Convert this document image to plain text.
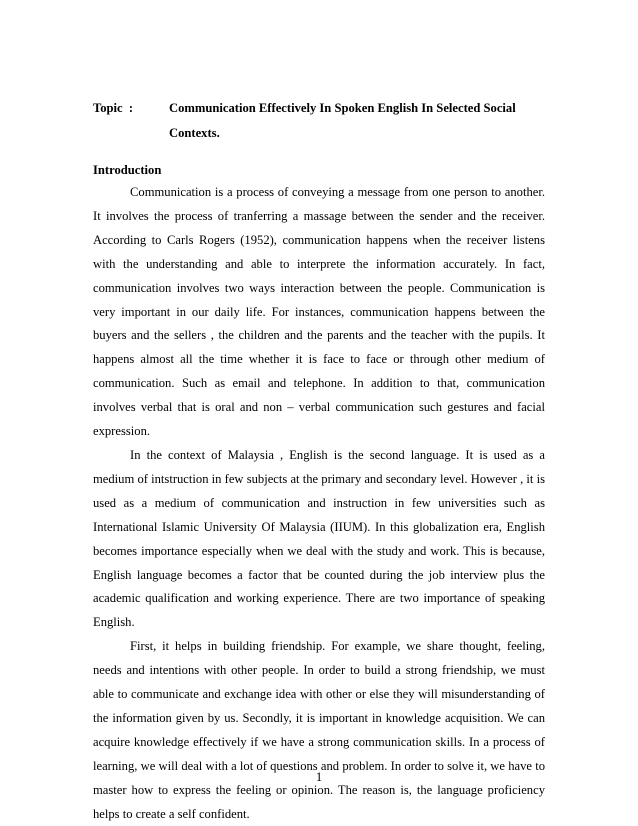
Topic  :	Communication Effectively In Spoken English In Selected Social Contexts.
Introduction

Communication is a process of conveying a message from one person to another. It involves the process of tranferring a massage between the sender and the receiver. According to Carls Rogers (1952), communication happens when the receiver listens with the understanding and able to interprete the information accurately. In fact, communication involves two ways interaction between the people. Communication is very important in our daily life. For instances, communication happens between the buyers and the sellers , the children and the parents and the teacher with the pupils. It happens almost all the time whether it is face to face or through other medium of communication. Such as email and telephone. In addition to that, communication involves verbal that is oral and non – verbal communication such gestures and facial expression.

In the context of Malaysia , English is the second language. It is used as a medium of intstruction in few subjects at the primary and secondary level. However , it is used as a medium of communication and instruction in few universities such as International Islamic University Of Malaysia (IIUM). In this globalization era, English becomes importance especially when we deal with the study and work. This is because, English language becomes a factor that be counted during the job interview plus the academic qualification and working experience. There are two importance of speaking English.

First, it helps in building friendship. For example, we share thought, feeling, needs and intentions with other people. In order to build a strong friendship, we must able to communicate and exchange idea with other or else they will misunderstanding of the information given by us. Secondly, it is important in knowledge acquisition. We can acquire knowledge effectively if we have a strong communication skills. In a process of learning, we will deal with a lot of questions and problem. In order to solve it, we have to master how to express the feeling or opinion. The reason is, the language proficiency helps to create a self confident.

1
